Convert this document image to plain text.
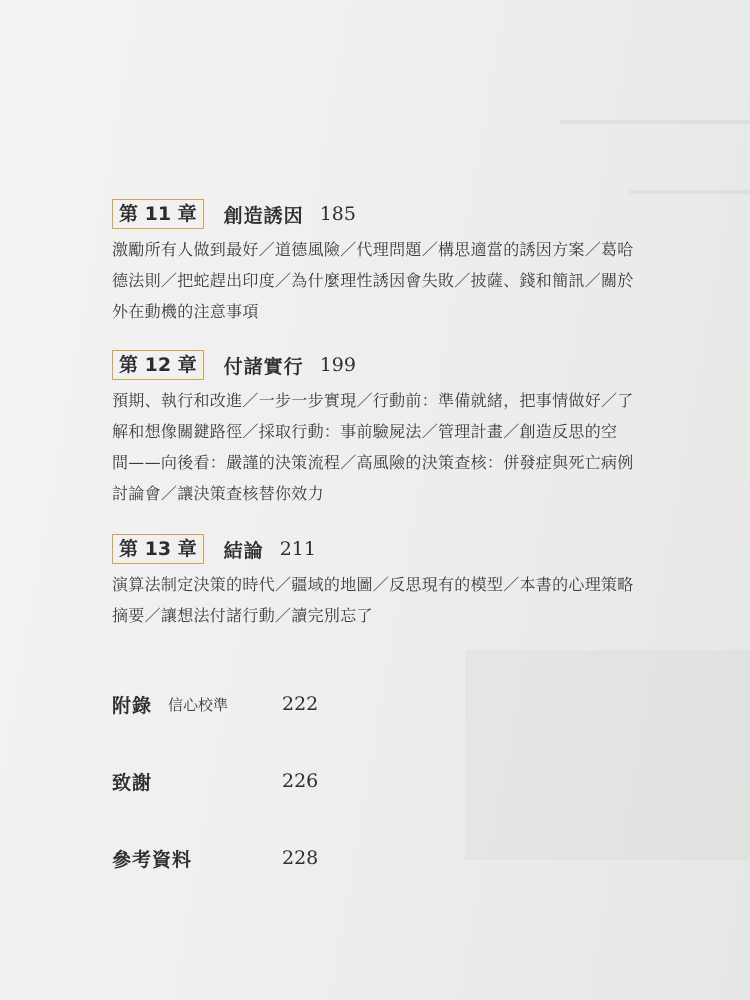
第 11 章	創造誘因 185
激勵所有人做到最好／道德風險／代理問題／構思適當的誘因方案／葛哈
德法則／把蛇趕出印度／為什麼理性誘因會失敗／披薩、錢和簡訊／關於
外在動機的注意事項
第 12 章	付諸實行 199
預期、執行和改進／一步一步實現／行動前：準備就緒，把事情做好／了
解和想像關鍵路徑／採取行動：事前驗屍法／管理計畫／創造反思的空
間——向後看：嚴謹的決策流程／高風險的決策查核：併發症與死亡病例
討論會／讓決策查核替你效力
第 13 章	結論 211
演算法制定決策的時代／疆域的地圖／反思現有的模型／本書的心理策略
摘要／讓想法付諸行動／讀完別忘了
附錄 信心校準	222
致謝	226
參考資料	228
